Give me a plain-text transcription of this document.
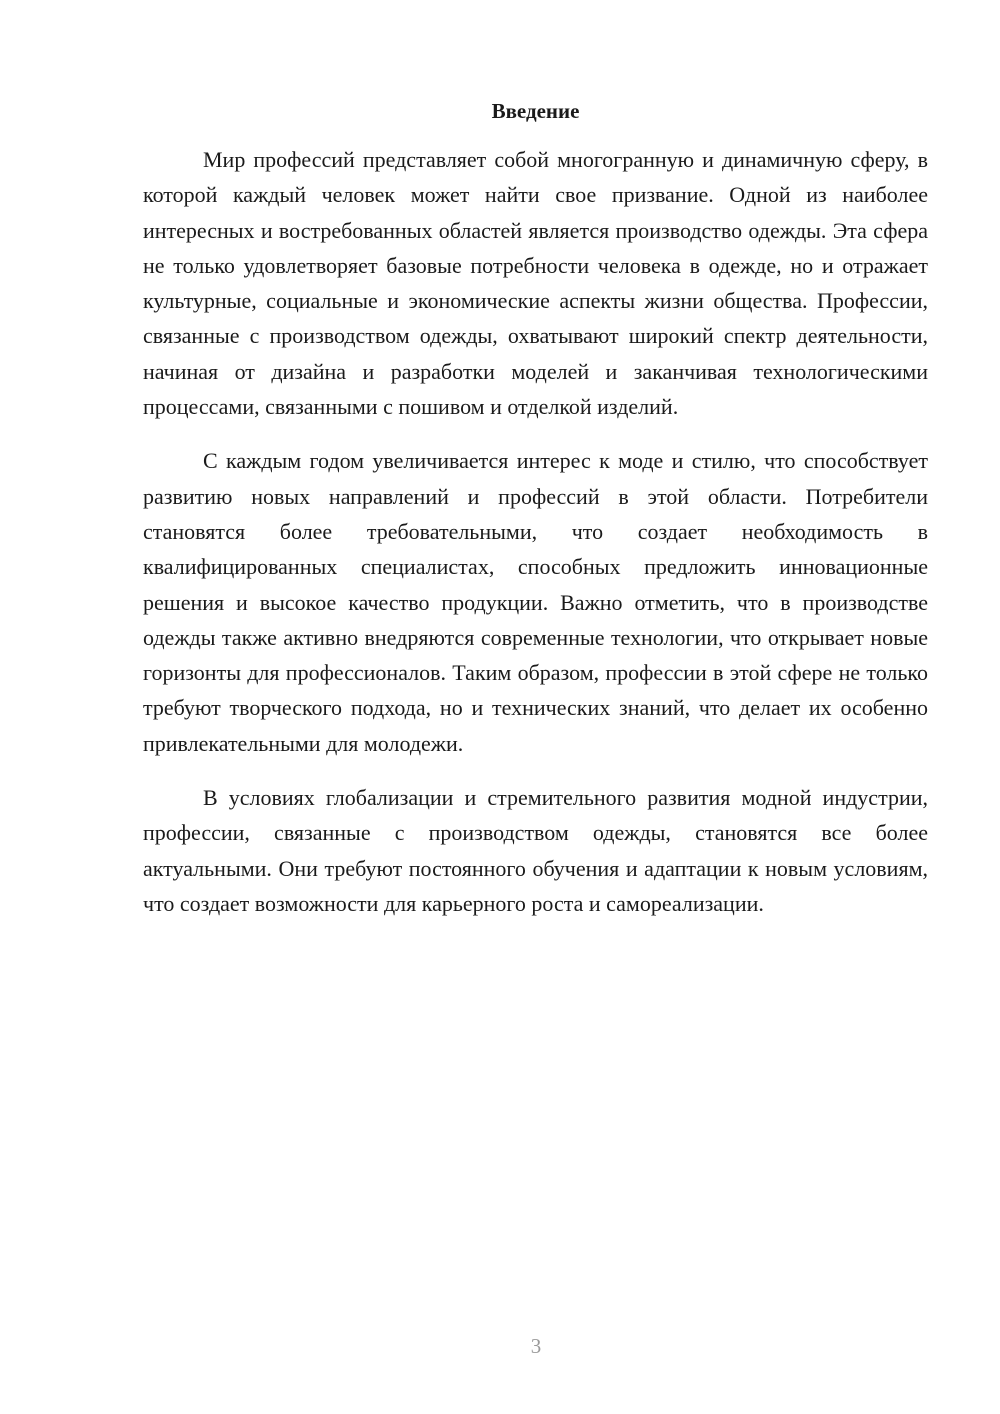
Введение

Мир профессий представляет собой многогранную и динамичную сферу, в которой каждый человек может найти свое призвание. Одной из наиболее интересных и востребованных областей является производство одежды. Эта сфера не только удовлетворяет базовые потребности человека в одежде, но и отражает культурные, социальные и экономические аспекты жизни общества. Профессии, связанные с производством одежды, охватывают широкий спектр деятельности, начиная от дизайна и разработки моделей и заканчивая технологическими процессами, связанными с пошивом и отделкой изделий.

С каждым годом увеличивается интерес к моде и стилю, что способствует развитию новых направлений и профессий в этой области. Потребители становятся более требовательными, что создает необходимость в квалифицированных специалистах, способных предложить инновационные решения и высокое качество продукции. Важно отметить, что в производстве одежды также активно внедряются современные технологии, что открывает новые горизонты для профессионалов. Таким образом, профессии в этой сфере не только требуют творческого подхода, но и технических знаний, что делает их особенно привлекательными для молодежи.

В условиях глобализации и стремительного развития модной индустрии, профессии, связанные с производством одежды, становятся все более актуальными. Они требуют постоянного обучения и адаптации к новым условиям, что создает возможности для карьерного роста и самореализации.

3
